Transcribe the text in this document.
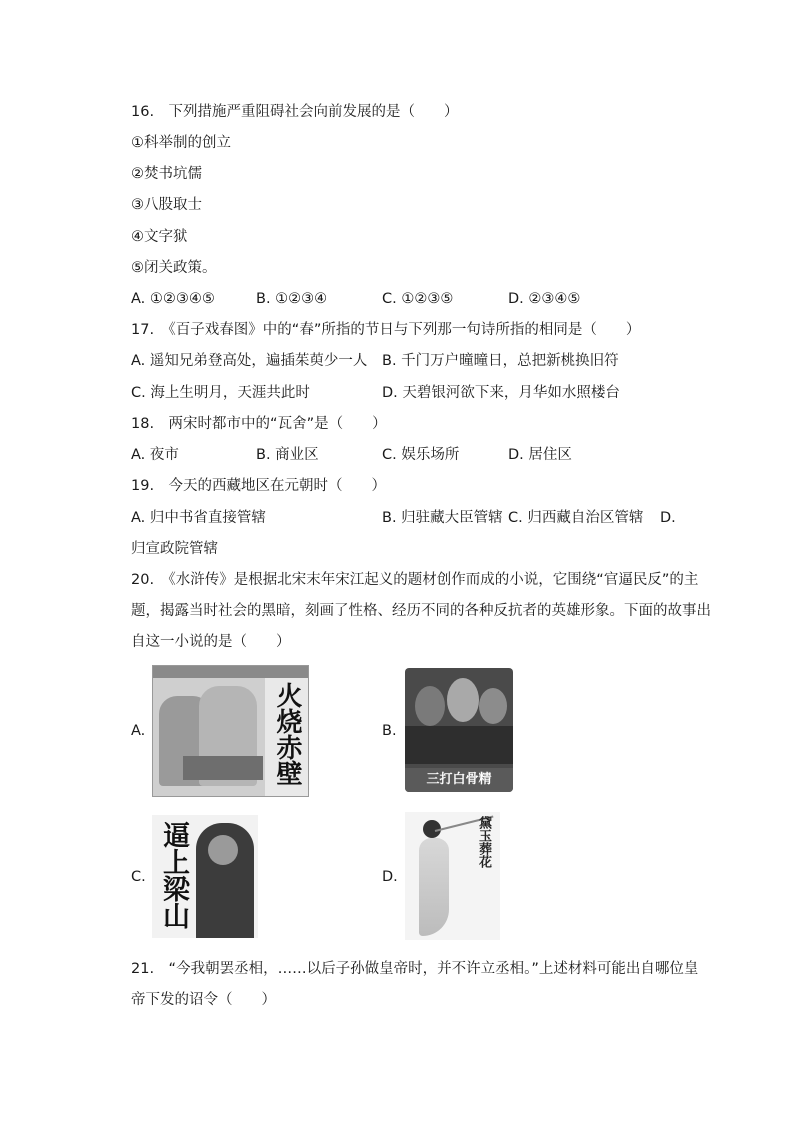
16.　下列措施严重阻碍社会向前发展的是（　　）
①科举制的创立
②焚书坑儒
③八股取士
④文字狱
⑤闭关政策。
A. ①②③④⑤	B. ①②③④	C. ①②③⑤	D. ②③④⑤
17.　《百子戏春图》中的“春”所指的节日与下列那一句诗所指的相同是（　　）
A. 遥知兄弟登高处，遍插茱萸少一人 B. 千门万户曈曈日，总把新桃换旧符
C. 海上生明月，天涯共此时	D. 天碧银河欲下来，月华如水照楼台
18.　两宋时都市中的“瓦舍”是（　　）
A. 夜市	B. 商业区	C. 娱乐场所	D. 居住区
19.　今天的西藏地区在元朝时（　　）
A. 归中书省直接管辖	B. 归驻藏大臣管辖 C. 归西藏自治区管辖 D.
归宣政院管辖
20.　《水浒传》是根据北宋末年宋江起义的题材创作而成的小说，它围绕“官逼民反”的主
题，揭露当时社会的黑暗，刻画了性格、经历不同的各种反抗者的英雄形象。下面的故事出
自这一小说的是（　　）
A.	B.
C.	D.
火烧赤壁	三打白骨精
逼上梁山	黛玉葬花
21.　“今我朝罢丞相，……以后子孙做皇帝时，并不许立丞相。”上述材料可能出自哪位皇
帝下发的诏令（　　）
